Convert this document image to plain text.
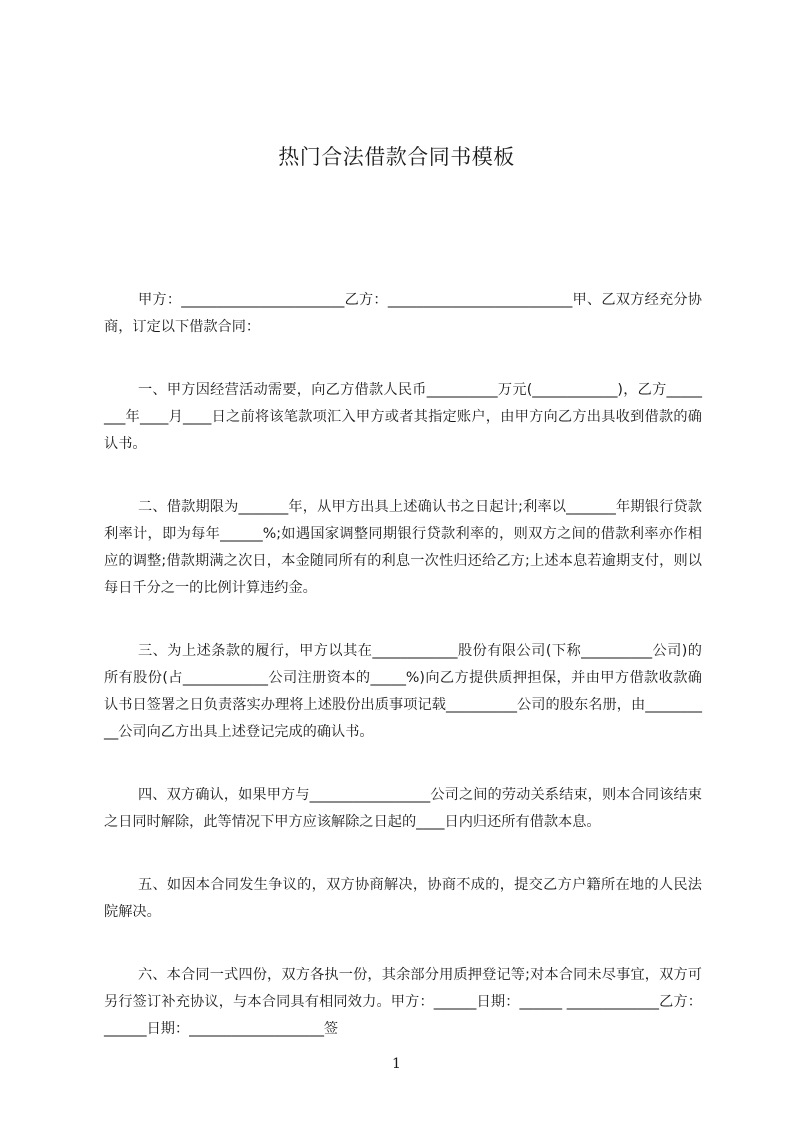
热门合法借款合同书模板

甲方：_______________________乙方：__________________________甲、乙双方经充分协商，订定以下借款合同：

一、甲方因经营活动需要，向乙方借款人民币__________万元(____________)，乙方________年____月____日之前将该笔款项汇入甲方或者其指定账户，由甲方向乙方出具收到借款的确认书。

二、借款期限为_______年，从甲方出具上述确认书之日起计;利率以_______年期银行贷款利率计，即为每年______%;如遇国家调整同期银行贷款利率的，则双方之间的借款利率亦作相应的调整;借款期满之次日，本金随同所有的利息一次性归还给乙方;上述本息若逾期支付，则以每日千分之一的比例计算违约金。

三、为上述条款的履行，甲方以其在____________股份有限公司(下称__________公司)的所有股份(占____________公司注册资本的_____%)向乙方提供质押担保，并由甲方借款收款确认书日签署之日负责落实办理将上述股份出质事项记载__________公司的股东名册，由__________公司向乙方出具上述登记完成的确认书。

四、双方确认，如果甲方与_________________公司之间的劳动关系结束，则本合同该结束之日同时解除，此等情况下甲方应该解除之日起的____日内归还所有借款本息。

五、如因本合同发生争议的，双方协商解决，协商不成的，提交乙方户籍所在地的人民法院解决。

六、本合同一式四份，双方各执一份，其余部分用质押登记等;对本合同未尽事宜，双方可另行签订补充协议，与本合同具有相同效力。甲方：______日期：______ _____________乙方：______日期：___________________签

1
